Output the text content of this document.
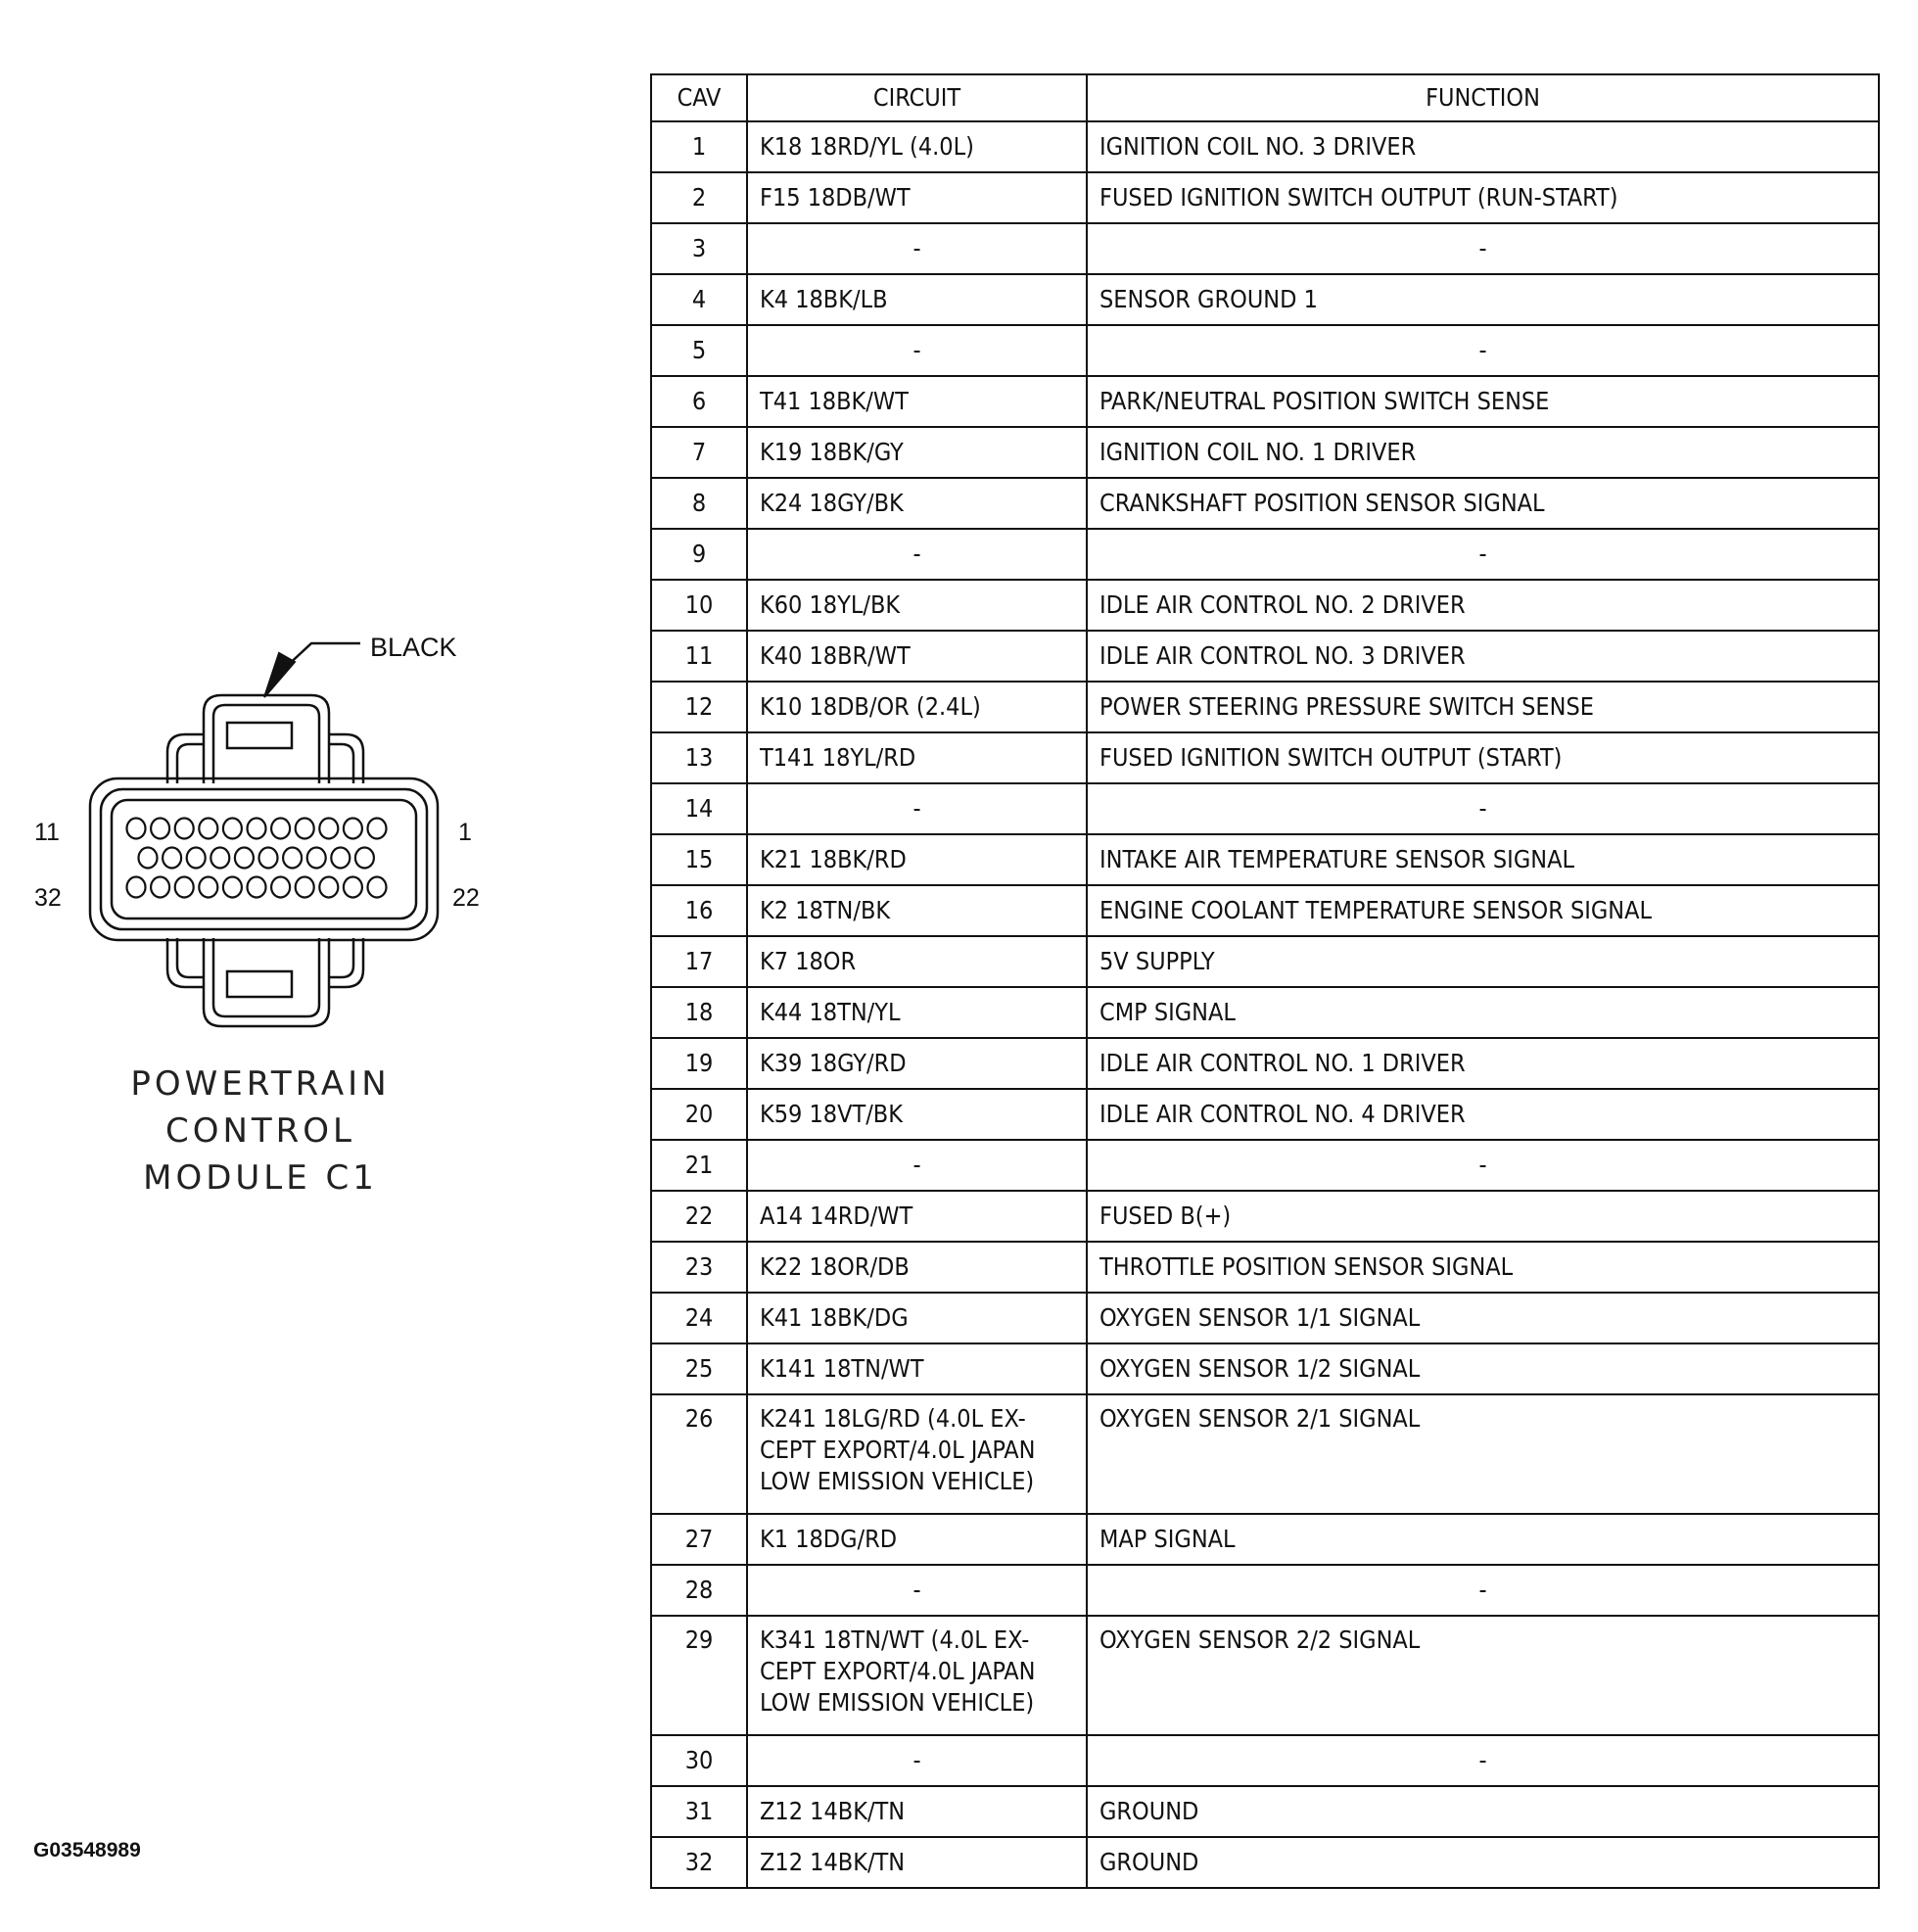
BLACK
11	1
32	22
POWERTRAIN
CONTROL
MODULE C1
CAV	CIRCUIT	FUNCTION
1	K18 18RD/YL (4.0L)	IGNITION COIL NO. 3 DRIVER
2	F15 18DB/WT	FUSED IGNITION SWITCH OUTPUT (RUN-START)
3	-	-
4	K4 18BK/LB	SENSOR GROUND 1
5	-	-
6	T41 18BK/WT	PARK/NEUTRAL POSITION SWITCH SENSE
7	K19 18BK/GY	IGNITION COIL NO. 1 DRIVER
8	K24 18GY/BK	CRANKSHAFT POSITION SENSOR SIGNAL
9	-	-
10	K60 18YL/BK	IDLE AIR CONTROL NO. 2 DRIVER
11	K40 18BR/WT	IDLE AIR CONTROL NO. 3 DRIVER
12	K10 18DB/OR (2.4L)	POWER STEERING PRESSURE SWITCH SENSE
13	T141 18YL/RD	FUSED IGNITION SWITCH OUTPUT (START)
14	-	-
15	K21 18BK/RD	INTAKE AIR TEMPERATURE SENSOR SIGNAL
16	K2 18TN/BK	ENGINE COOLANT TEMPERATURE SENSOR SIGNAL
17	K7 18OR	5V SUPPLY
18	K44 18TN/YL	CMP SIGNAL
19	K39 18GY/RD	IDLE AIR CONTROL NO. 1 DRIVER
20	K59 18VT/BK	IDLE AIR CONTROL NO. 4 DRIVER
21	-	-
22	A14 14RD/WT	FUSED B(+)
23	K22 18OR/DB	THROTTLE POSITION SENSOR SIGNAL
24	K41 18BK/DG	OXYGEN SENSOR 1/1 SIGNAL
25	K141 18TN/WT	OXYGEN SENSOR 1/2 SIGNAL
26	K241 18LG/RD (4.0L EX-
CEPT EXPORT/4.0L JAPAN
LOW EMISSION VEHICLE)	OXYGEN SENSOR 2/1 SIGNAL
27	K1 18DG/RD	MAP SIGNAL
28	-	-
29	K341 18TN/WT (4.0L EX-
CEPT EXPORT/4.0L JAPAN
LOW EMISSION VEHICLE)	OXYGEN SENSOR 2/2 SIGNAL
30	-	-
31	Z12 14BK/TN	GROUND
32	Z12 14BK/TN	GROUND
G03548989
